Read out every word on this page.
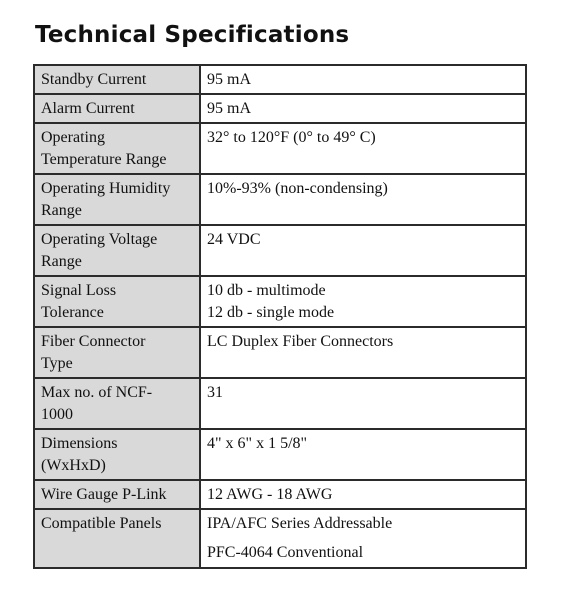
Technical Specifications
Standby Current	95 mA

Alarm Current	95 mA

Operating
Temperature Range	32° to 120°F (0° to 49° C)

Operating Humidity
Range	10%-93% (non-condensing)

Operating Voltage
Range	24 VDC

Signal Loss
Tolerance	10 db - multimode
12 db - single mode

Fiber Connector
Type	LC Duplex Fiber Connectors

Max no. of NCF-
1000	31

Dimensions
(WxHxD)	4" x 6" x 1 5/8"

Wire Gauge P-Link	12 AWG - 18 AWG

Compatible Panels	IPA/AFC Series Addressable
PFC-4064 Conventional
